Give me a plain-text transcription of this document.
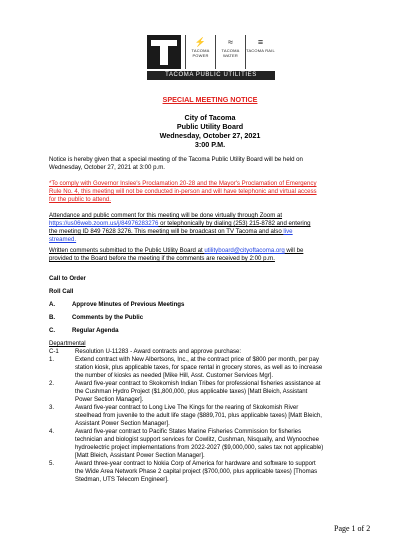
⚡
TACOMA POWER
≈
TACOMA WATER
≡
TACOMA RAIL
TACOMA PUBLIC UTILITIES
SPECIAL MEETING NOTICE
City of Tacoma
Public Utility Board
Wednesday, October 27, 2021
3:00 P.M.
Notice is hereby given that a special meeting of the Tacoma Public Utility Board will be held on
Wednesday, October 27, 2021 at 3:00 p.m.
*To comply with Governor Inslee's Proclamation 20-28 and the Mayor's Proclamation of Emergency
Rule No. 4, this meeting will not be conducted in-person and will have telephonic and virtual access
for the public to attend.
Attendance and public comment for this meeting will be done virtually through Zoom at
https://us06web.zoom.us/j/84976283276 or telephonically by dialing (253) 215-8782 and entering
the meeting ID 849 7628 3276. This meeting will be broadcast on TV Tacoma and also live
streamed.
Written comments submitted to the Public Utility Board at utilityboard@cityoftacoma.org will be
provided to the Board before the meeting if the comments are received by 2:00 p.m.
Call to Order
Roll Call
A.	Approve Minutes of Previous Meetings
B.	Comments by the Public
C.	Regular Agenda
Departmental
C-1	Resolution U-11283 - Award contracts and approve purchase:
1.	Extend contract with New Albertsons, Inc., at the contract price of $800 per month, per pay
station kiosk, plus applicable taxes, for space rental in grocery stores, as well as to increase
the number of kiosks as needed [Mike Hill, Asst. Customer Services Mgr].
2.	Award five-year contract to Skokomish Indian Tribes for professional fisheries assistance at
the Cushman Hydro Project ($1,800,000, plus applicable taxes) [Matt Bleich, Assistant
Power Section Manager].
3.	Award five-year contract to Long Live The Kings for the rearing of Skokomish River
steelhead from juvenile to the adult life stage ($889,701, plus applicable taxes) [Matt Bleich,
Assistant Power Section Manager].
4.	Award five-year contract to Pacific States Marine Fisheries Commission for fisheries
technician and biologist support services for Cowlitz, Cushman, Nisqually, and Wynoochee
hydroelectric project implementations from 2022-2027 ($9,000,000, sales tax not applicable)
[Matt Bleich, Assistant Power Section Manager].
5.	Award three-year contract to Nokia Corp of America for hardware and software to support
the Wide Area Network Phase 2 capital project ($700,000, plus applicable taxes) [Thomas
Stedman, UTS Telecom Engineer].
Page 1 of 2
